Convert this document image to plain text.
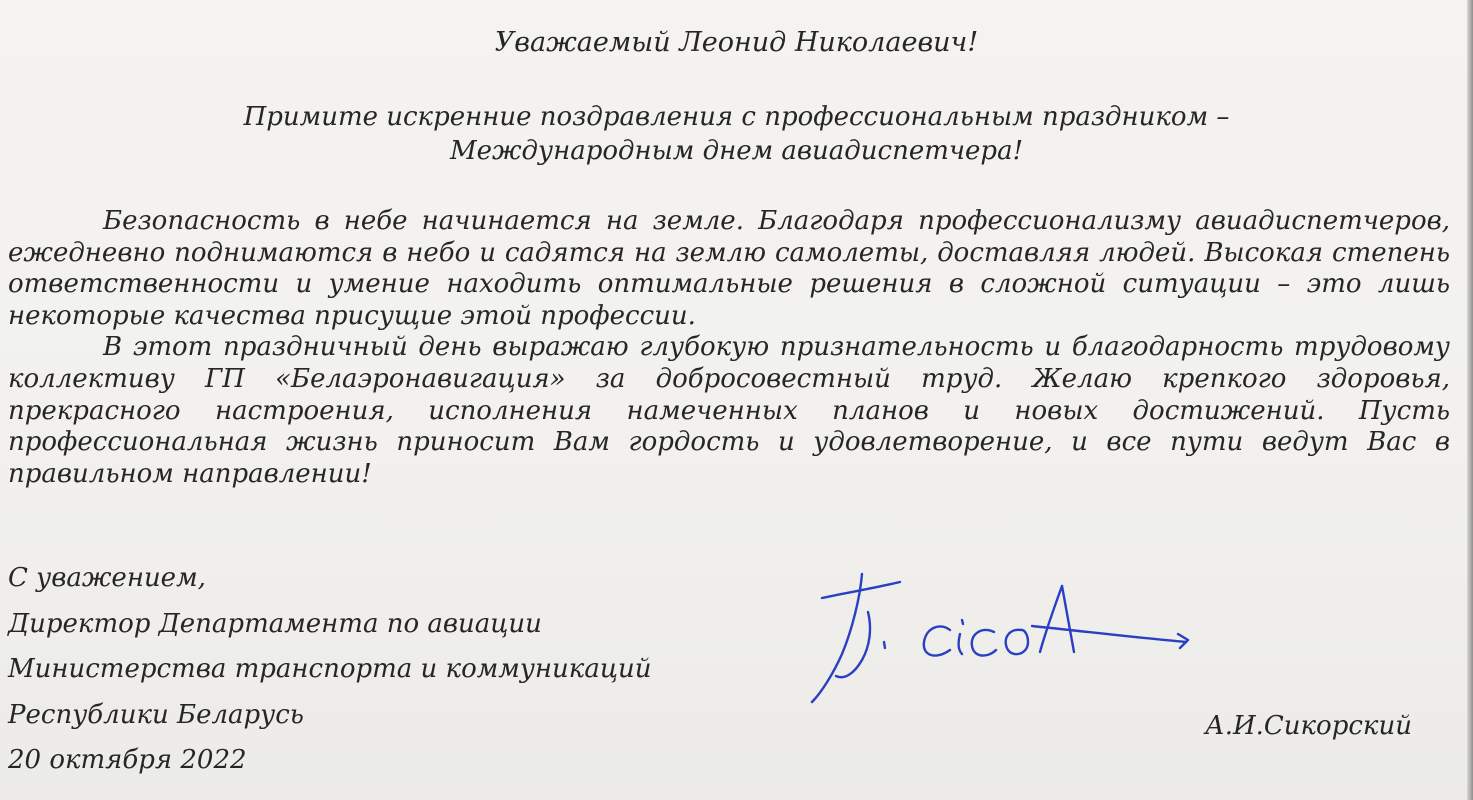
Уважаемый Леонид Николаевич!
Примите искренние поздравления с профессиональным праздником –
Международным днем авиадиспетчера!

Безопасность в небе начинается на земле. Благодаря профессионализму авиадиспетчеров, ежедневно поднимаются в небо и садятся на землю самолеты, доставляя людей. Высокая степень ответственности и умение находить оптимальные решения в сложной ситуации – это лишь некоторые качества присущие этой профессии.

В этот праздничный день выражаю глубокую признательность и благодарность трудовому коллективу ГП «Белаэронавигация» за добросовестный труд. Желаю крепкого здоровья, прекрасного настроения, исполнения намеченных планов и новых достижений. Пусть профессиональная жизнь приносит Вам гордость и удовлетворение, и все пути ведут Вас в правильном направлении!

С уважением,
Директор Департамента по авиации
Министерства транспорта и коммуникаций
Республики Беларусь
20 октября 2022
А.И.Сикорский
